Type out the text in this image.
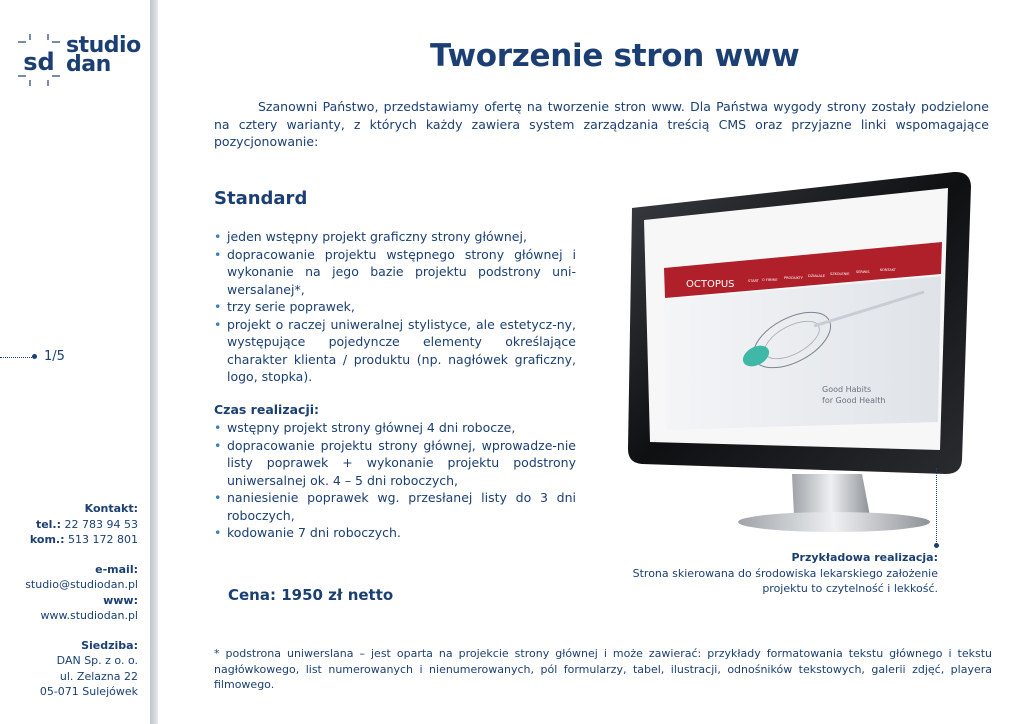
sd
studio
dan
1/5
Kontakt:
tel.: 22 783 94 53
kom.: 513 172 801
e-mail:
studio@studiodan.pl
www:
www.studiodan.pl
Siedziba:
DAN Sp. z o. o.
ul. Zelazna 22
05-071 Sulejówek
Tworzenie stron www

Szanowni Państwo, przedstawiamy ofertę na tworzenie stron www. Dla Państwa wygody strony zostały podzielone na cztery warianty, z których każdy zawiera system zarządzania treścią CMS oraz przyjazne linki wspomagające pozycjonowanie:

Standard
• jeden wstępny projekt graficzny strony głównej,
• dopracowanie projektu wstępnego strony głównej i wykonanie na jego bazie projektu podstrony uni-wersalanej*,
• trzy serie poprawek,
• projekt o raczej uniweralnej stylistyce, ale estetycz-ny, występujące pojedyncze elementy określające charakter klienta / produktu (np. nagłówek graficzny, logo, stopka).

Czas realizacji:

• wstępny projekt strony głównej 4 dni robocze,
• dopracowanie projektu strony głównej, wprowadze-nie listy poprawek + wykonanie projektu podstrony uniwersalnej ok. 4 – 5 dni roboczych,
• naniesienie poprawek wg. przesłanej listy do 3 dni roboczych,
• kodowanie 7 dni roboczych.

Cena: 1950 zł netto

OCTOPUS	START O FIRMIE PRODUKTY DZIAŁALE SZKOLENIE SERWIS	KONTAKT
Good Habits
for Good Health
Przykładowa realizacja:
Strona skierowana do środowiska lekarskiego założenie
projektu to czytelność i lekkość.

* podstrona uniwerslana – jest oparta na projekcie strony głównej i może zawierać: przykłady formatowania tekstu głównego i tekstu nagłówkowego, list numerowanych i nienumerowanych, pól formularzy, tabel, ilustracji, odnośników tekstowych, galerii zdjęć, playera filmowego.
